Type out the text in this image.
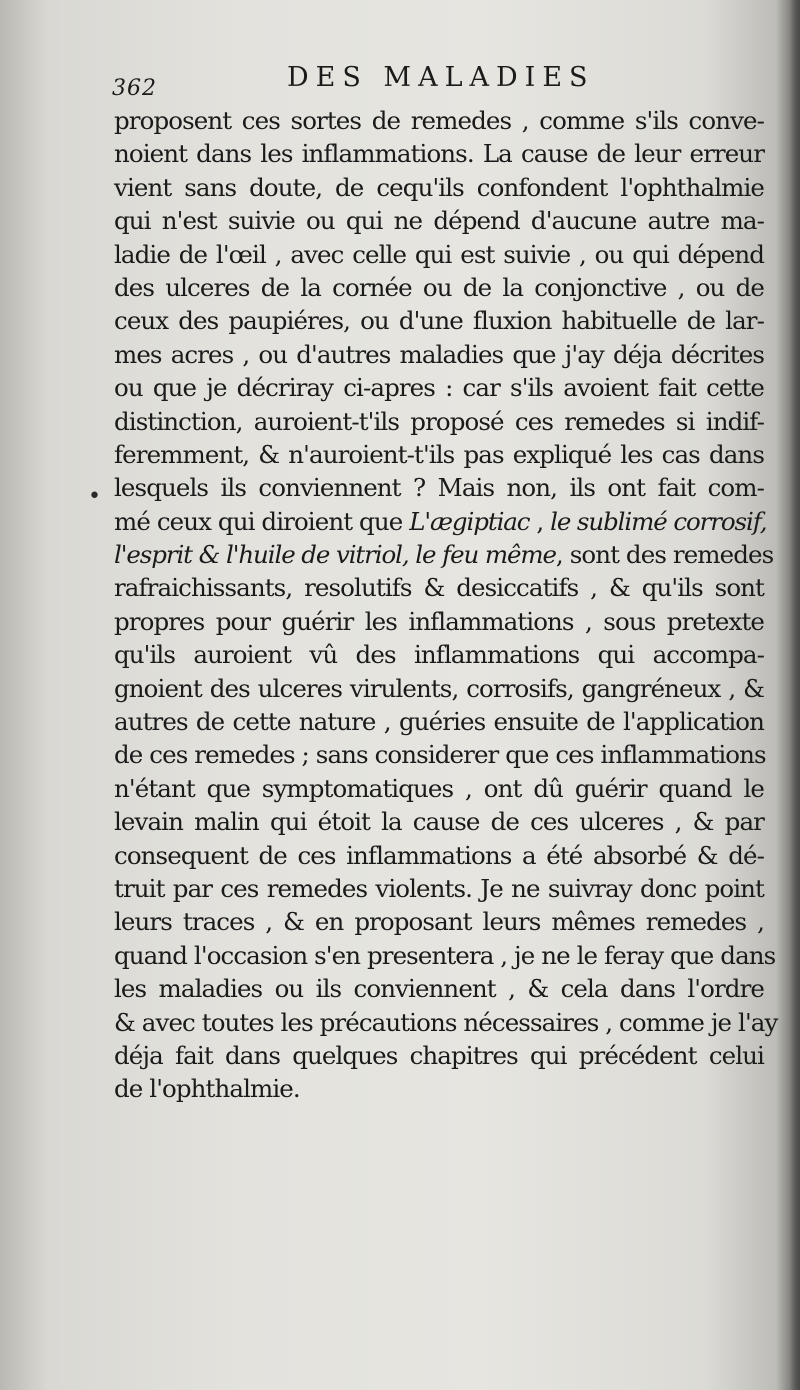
362	DES MALADIES
•
proposent ces sortes de remedes , comme s'ils conve-
noient dans les inflammations. La cause de leur erreur
vient sans doute, de cequ'ils confondent l'ophthalmie
qui n'est suivie ou qui ne dépend d'aucune autre ma-
ladie de l'œil , avec celle qui est suivie , ou qui dépend
des ulceres de la cornée ou de la conjonctive , ou de
ceux des paupiéres, ou d'une fluxion habituelle de lar-
mes acres , ou d'autres maladies que j'ay déja décrites
ou que je décriray ci-apres : car s'ils avoient fait cette
distinction, auroient-t'ils proposé ces remedes si indif-
feremment, & n'auroient-t'ils pas expliqué les cas dans
lesquels ils conviennent ? Mais non, ils ont fait com-
mé ceux qui diroient que L'ægiptiac , le sublimé corrosif,
l'esprit & l'huile de vitriol, le feu même, sont des remedes
rafraichissants, resolutifs & desiccatifs , & qu'ils sont
propres pour guérir les inflammations , sous pretexte
qu'ils auroient vû des inflammations qui accompa-
gnoient des ulceres virulents, corrosifs, gangréneux , &
autres de cette nature , guéries ensuite de l'application
de ces remedes ; sans considerer que ces inflammations
n'étant que symptomatiques , ont dû guérir quand le
levain malin qui étoit la cause de ces ulceres , & par
consequent de ces inflammations a été absorbé & dé-
truit par ces remedes violents. Je ne suivray donc point
leurs traces , & en proposant leurs mêmes remedes ,
quand l'occasion s'en presentera , je ne le feray que dans
les maladies ou ils conviennent , & cela dans l'ordre
& avec toutes les précautions nécessaires , comme je l'ay
déja fait dans quelques chapitres qui précédent celui
de l'ophthalmie.
